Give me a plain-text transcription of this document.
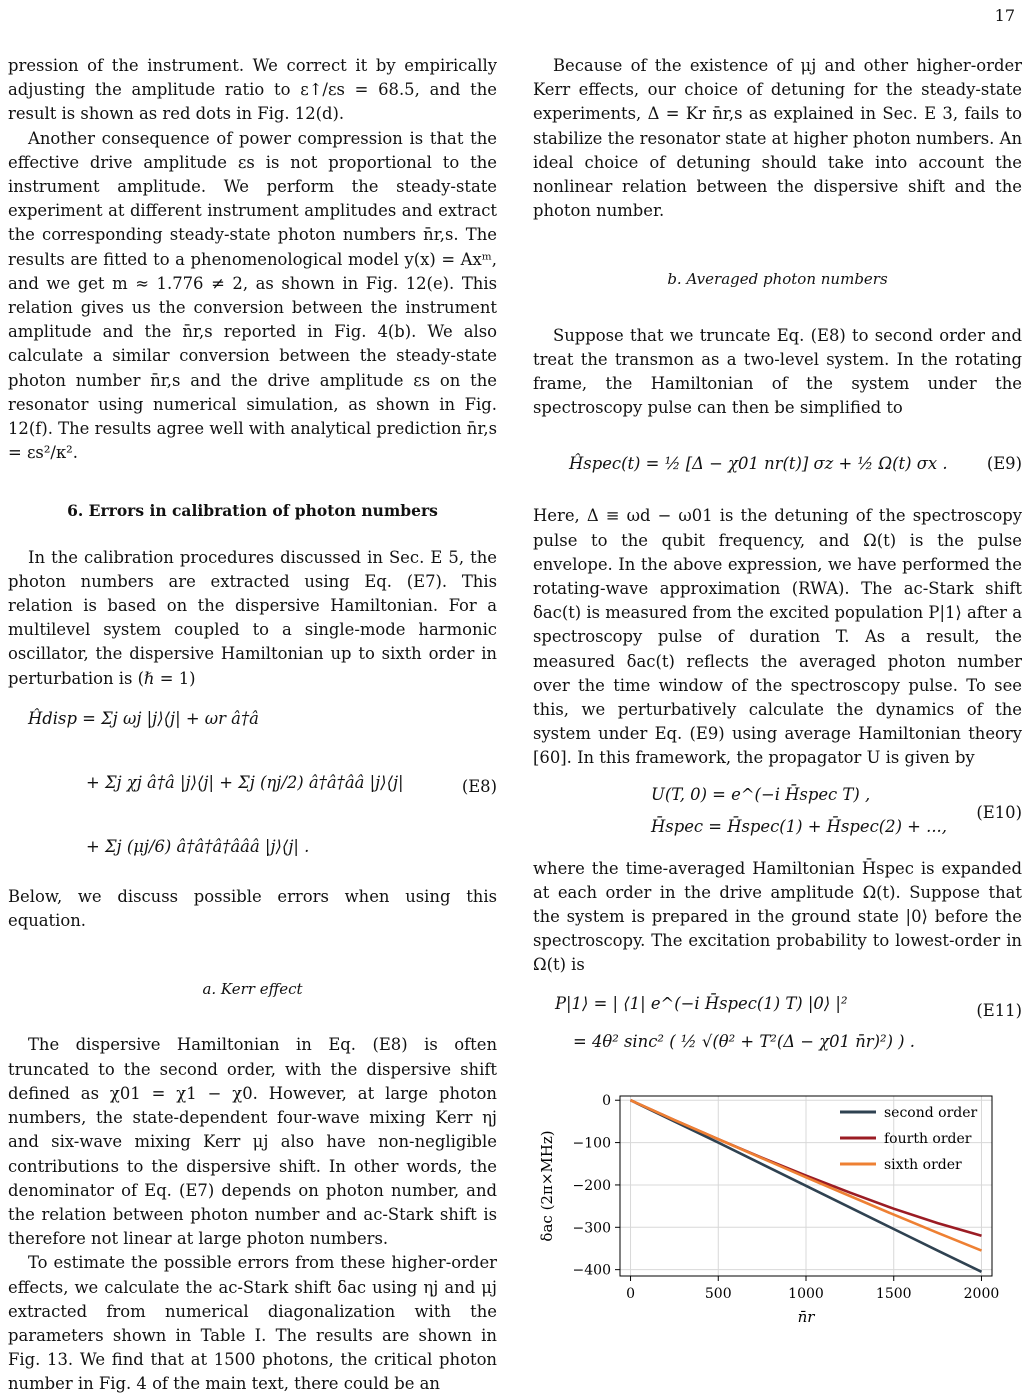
17

pression of the instrument. We correct it by empirically adjusting the amplitude ratio to ε↑/εs = 68.5, and the result is shown as red dots in Fig. 12(d).

Another consequence of power compression is that the effective drive amplitude εs is not proportional to the instrument amplitude. We perform the steady-state experiment at different instrument amplitudes and extract the corresponding steady-state photon numbers n̄r,s. The results are fitted to a phenomenological model y(x) = Axᵐ, and we get m ≈ 1.776 ≠ 2, as shown in Fig. 12(e). This relation gives us the conversion between the instrument amplitude and the n̄r,s reported in Fig. 4(b). We also calculate a similar conversion between the steady-state photon number n̄r,s and the drive amplitude εs on the resonator using numerical simulation, as shown in Fig. 12(f). The results agree well with analytical prediction n̄r,s = εs²/κ².

6. Errors in calibration of photon numbers

In the calibration procedures discussed in Sec. E 5, the photon numbers are extracted using Eq. (E7). This relation is based on the dispersive Hamiltonian. For a multilevel system coupled to a single-mode harmonic oscillator, the dispersive Hamiltonian up to sixth order in perturbation is (ℏ = 1)

Ĥdisp = Σj ωj |j⟩⟨j| + ωr â†â
+ Σj χj â†â |j⟩⟨j| + Σj (ηj/2) â†â†ââ |j⟩⟨j|
+ Σj (μj/6) â†â†â†âââ |j⟩⟨j| .
(E8)

Below, we discuss possible errors when using this equation.

a. Kerr effect

The dispersive Hamiltonian in Eq. (E8) is often truncated to the second order, with the dispersive shift defined as χ01 = χ1 − χ0. However, at large photon numbers, the state-dependent four-wave mixing Kerr ηj and six-wave mixing Kerr μj also have non-negligible contributions to the dispersive shift. In other words, the denominator of Eq. (E7) depends on photon number, and the relation between photon number and ac-Stark shift is therefore not linear at large photon numbers.

To estimate the possible errors from these higher-order effects, we calculate the ac-Stark shift δac using ηj and μj extracted from numerical diagonalization with the parameters shown in Table I. The results are shown in Fig. 13. We find that at 1500 photons, the critical photon number in Fig. 4 of the main text, there could be an

Because of the existence of μj and other higher-order Kerr effects, our choice of detuning for the steady-state experiments, Δ = Kr n̄r,s as explained in Sec. E 3, fails to stabilize the resonator state at higher photon numbers. An ideal choice of detuning should take into account the nonlinear relation between the dispersive shift and the photon number.

b. Averaged photon numbers

Suppose that we truncate Eq. (E8) to second order and treat the transmon as a two-level system. In the rotating frame, the Hamiltonian of the system under the spectroscopy pulse can then be simplified to

Ĥspec(t) = ½ [Δ − χ01 nr(t)] σz + ½ Ω(t) σx . (E9)

Here, Δ ≡ ωd − ω01 is the detuning of the spectroscopy pulse to the qubit frequency, and Ω(t) is the pulse envelope. In the above expression, we have performed the rotating-wave approximation (RWA). The ac-Stark shift δac(t) is measured from the excited population P|1⟩ after a spectroscopy pulse of duration T. As a result, the measured δac(t) reflects the averaged photon number over the time window of the spectroscopy pulse. To see this, we perturbatively calculate the dynamics of the system under Eq. (E9) using average Hamiltonian theory [60]. In this framework, the propagator U is given by

U(T, 0) = e^(−i H̄spec T) ,
H̄spec = H̄spec(1) + H̄spec(2) + ...,
(E10)

where the time-averaged Hamiltonian H̄spec is expanded at each order in the drive amplitude Ω(t). Suppose that the system is prepared in the ground state |0⟩ before the spectroscopy. The excitation probability to lowest-order in Ω(t) is

P|1⟩ = | ⟨1| e^(−i H̄spec(1) T) |0⟩ |²
= 4θ² sinc² ( ½ √(θ² + T²(Δ − χ01 n̄r)²) ) .
(E11)
0	500	1000	1500	2000
0
−100
−200
−300
−400
δac (2π×MHz)
n̄r
second order
fourth order
sixth order
